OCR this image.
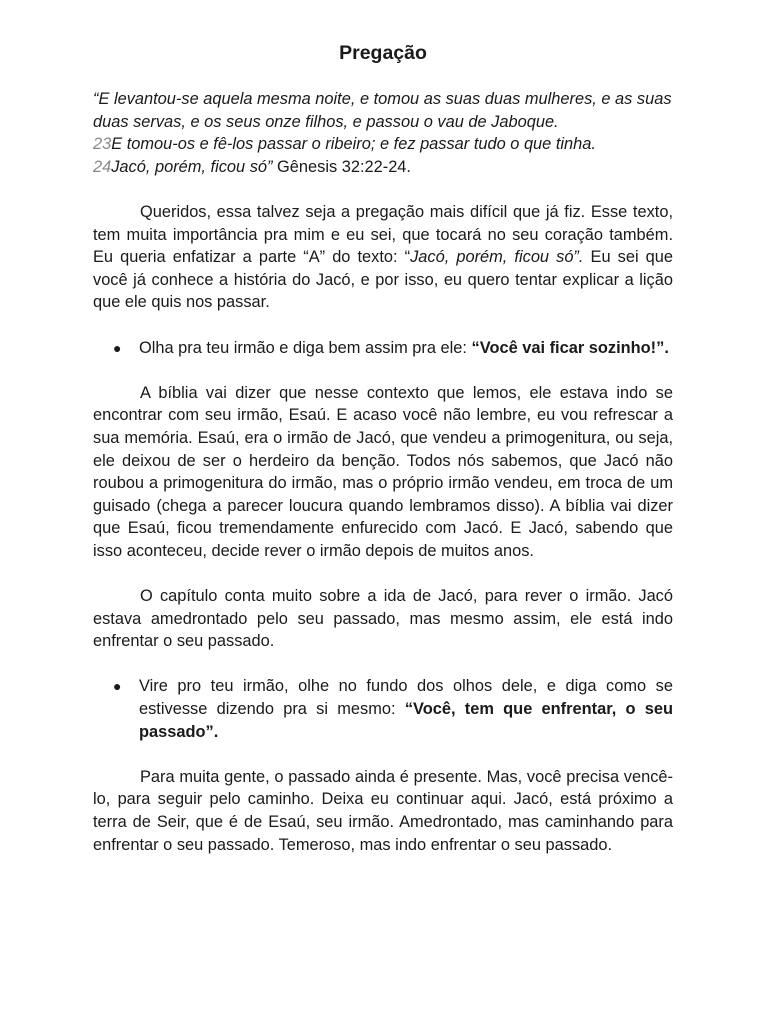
Pregação

“E levantou-se aquela mesma noite, e tomou as suas duas mulheres, e as suas duas servas, e os seus onze filhos, e passou o vau de Jaboque.
23E tomou-os e fê-los passar o ribeiro; e fez passar tudo o que tinha.
24Jacó, porém, ficou só” Gênesis 32:22-24.

Queridos, essa talvez seja a pregação mais difícil que já fiz. Esse texto, tem muita importância pra mim e eu sei, que tocará no seu coração também. Eu queria enfatizar a parte “A” do texto: “Jacó, porém, ficou só”. Eu sei que você já conhece a história do Jacó, e por isso, eu quero tentar explicar a lição que ele quis nos passar.

● Olha pra teu irmão e diga bem assim pra ele: “Você vai ficar sozinho!”.

A bíblia vai dizer que nesse contexto que lemos, ele estava indo se encontrar com seu irmão, Esaú. E acaso você não lembre, eu vou refrescar a sua memória. Esaú, era o irmão de Jacó, que vendeu a primogenitura, ou seja, ele deixou de ser o herdeiro da benção. Todos nós sabemos, que Jacó não roubou a primogenitura do irmão, mas o próprio irmão vendeu, em troca de um guisado (chega a parecer loucura quando lembramos disso). A bíblia vai dizer que Esaú, ficou tremendamente enfurecido com Jacó. E Jacó, sabendo que isso aconteceu, decide rever o irmão depois de muitos anos.

O capítulo conta muito sobre a ida de Jacó, para rever o irmão. Jacó estava amedrontado pelo seu passado, mas mesmo assim, ele está indo enfrentar o seu passado.

● Vire pro teu irmão, olhe no fundo dos olhos dele, e diga como se estivesse dizendo pra si mesmo: “Você, tem que enfrentar, o seu passado”.

Para muita gente, o passado ainda é presente. Mas, você precisa vencê-lo, para seguir pelo caminho. Deixa eu continuar aqui. Jacó, está próximo a terra de Seir, que é de Esaú, seu irmão. Amedrontado, mas caminhando para enfrentar o seu passado. Temeroso, mas indo enfrentar o seu passado.
